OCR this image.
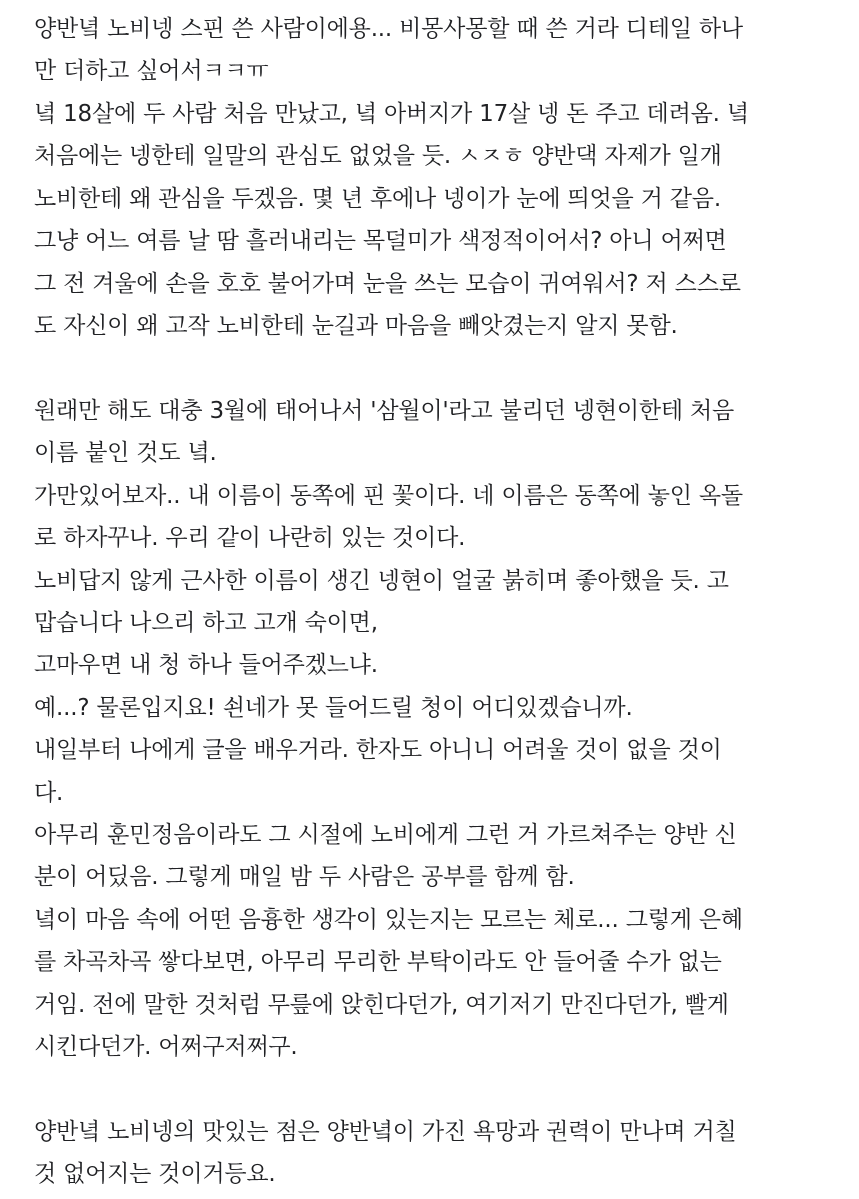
양반녘 노비넹 스핀 쓴 사람이에용... 비몽사몽할 때 쓴 거라 디테일 하나
만 더하고 싶어서ㅋㅋㅠ
녘 18살에 두 사람 처음 만났고, 녘 아버지가 17살 넹 돈 주고 데려옴. 녘
처음에는 넹한테 일말의 관심도 없었을 듯. ㅅㅈㅎ 양반댁 자제가 일개
노비한테 왜 관심을 두겠음. 몇 년 후에나 넹이가 눈에 띄엇을 거 같음.
그냥 어느 여름 날 땀 흘러내리는 목덜미가 색정적이어서? 아니 어쩌면
그 전 겨울에 손을 호호 불어가며 눈을 쓰는 모습이 귀여워서? 저 스스로
도 자신이 왜 고작 노비한테 눈길과 마음을 빼앗겼는지 알지 못함.
원래만 해도 대충 3월에 태어나서 '삼월이'라고 불리던 넹현이한테 처음
이름 붙인 것도 녘.
가만있어보자.. 내 이름이 동쪽에 핀 꽃이다. 네 이름은 동쪽에 놓인 옥돌
로 하자꾸나. 우리 같이 나란히 있는 것이다.
노비답지 않게 근사한 이름이 생긴 넹현이 얼굴 붉히며 좋아했을 듯. 고
맙습니다 나으리 하고 고개 숙이면,
고마우면 내 청 하나 들어주겠느냐.
예...? 물론입지요! 쇤네가 못 들어드릴 청이 어디있겠습니까.
내일부터 나에게 글을 배우거라. 한자도 아니니 어려울 것이 없을 것이
다.
아무리 훈민정음이라도 그 시절에 노비에게 그런 거 가르쳐주는 양반 신
분이 어딨음. 그렇게 매일 밤 두 사람은 공부를 함께 함.
녘이 마음 속에 어떤 음흉한 생각이 있는지는 모르는 체로... 그렇게 은혜
를 차곡차곡 쌓다보면, 아무리 무리한 부탁이라도 안 들어줄 수가 없는
거임. 전에 말한 것처럼 무릎에 앉힌다던가, 여기저기 만진다던가, 빨게
시킨다던가. 어쩌구저쩌구.
양반녘 노비넹의 맛있는 점은 양반녘이 가진 욕망과 권력이 만나며 거칠
것 없어지는 것이거등요.
